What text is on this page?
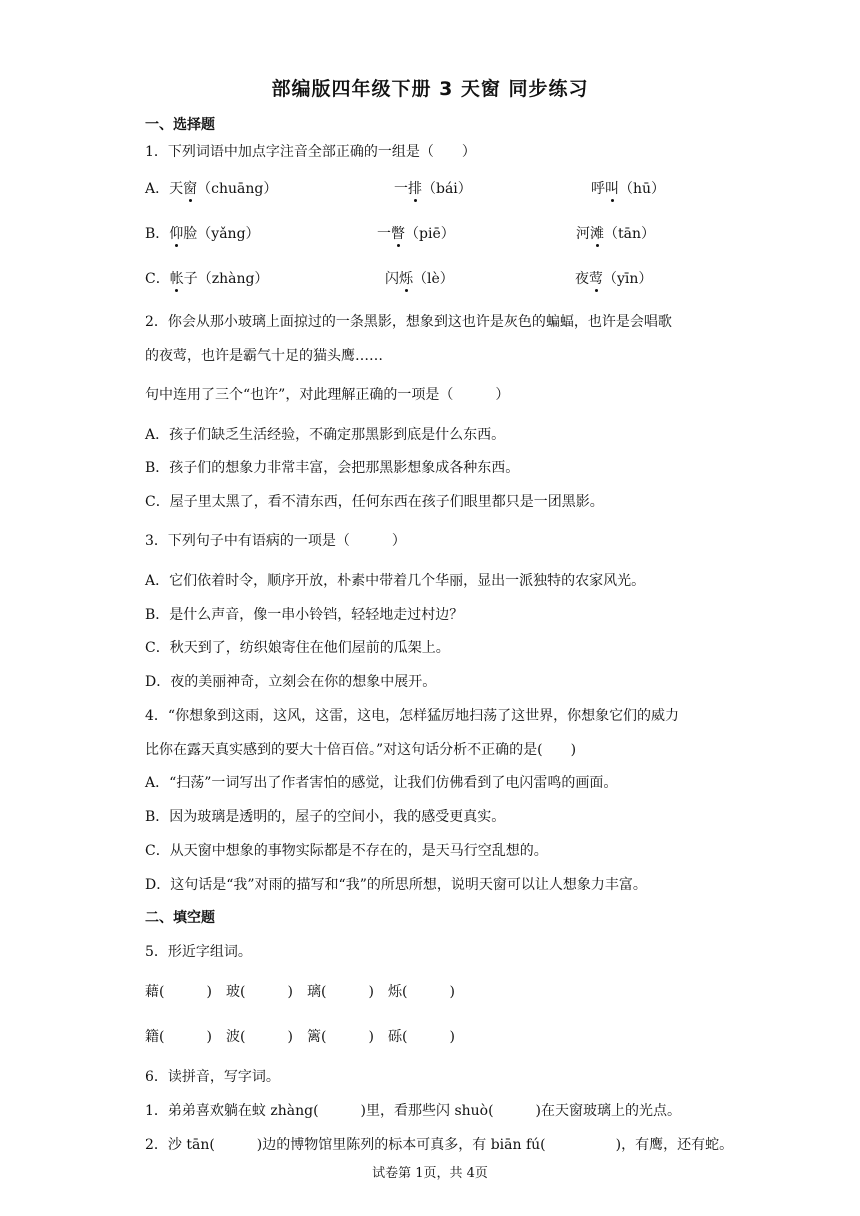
部编版四年级下册 3 天窗 同步练习
一、选择题
1．下列词语中加点字注音全部正确的一组是（　　）
A．天窗（chuāng）	一排（bái）	呼叫（hū）
B．仰脸（yǎng）	一瞥（piē）	河滩（tān）
C．帐子（zhàng）	闪烁（lè）	夜莺（yīn）
2．你会从那小玻璃上面掠过的一条黑影，想象到这也许是灰色的蝙蝠，也许是会唱歌
的夜莺，也许是霸气十足的猫头鹰……
句中连用了三个“也许”，对此理解正确的一项是（　　　）
A．孩子们缺乏生活经验，不确定那黑影到底是什么东西。
B．孩子们的想象力非常丰富，会把那黑影想象成各种东西。
C．屋子里太黑了，看不清东西，任何东西在孩子们眼里都只是一团黑影。
3．下列句子中有语病的一项是（　　　）
A．它们依着时令，顺序开放，朴素中带着几个华丽，显出一派独特的农家风光。
B．是什么声音，像一串小铃铛，轻轻地走过村边？
C．秋天到了，纺织娘寄住在他们屋前的瓜架上。
D．夜的美丽神奇，立刻会在你的想象中展开。
4．“你想象到这雨，这风，这雷，这电，怎样猛厉地扫荡了这世界，你想象它们的威力
比你在露天真实感到的要大十倍百倍。”对这句话分析不正确的是(　　)
A．“扫荡”一词写出了作者害怕的感觉，让我们仿佛看到了电闪雷鸣的画面。
B．因为玻璃是透明的，屋子的空间小，我的感受更真实。
C．从天窗中想象的事物实际都是不存在的，是天马行空乱想的。
D．这句话是“我”对雨的描写和“我”的所思所想，说明天窗可以让人想象力丰富。
二、填空题
5．形近字组词。
藉(　　　) 玻(　　　) 璃(　　　) 烁(　　　)
籍(　　　) 波(　　　) 篱(　　　) 砾(　　　)
6．读拼音，写字词。
1．弟弟喜欢躺在蚊 zhàng(　　　)里，看那些闪 shuò(　　　)在天窗玻璃上的光点。
2．沙 tān(　　　)边的博物馆里陈列的标本可真多，有 biān fú(　　　　　)，有鹰，还有蛇。
试卷第 1页，共 4页
